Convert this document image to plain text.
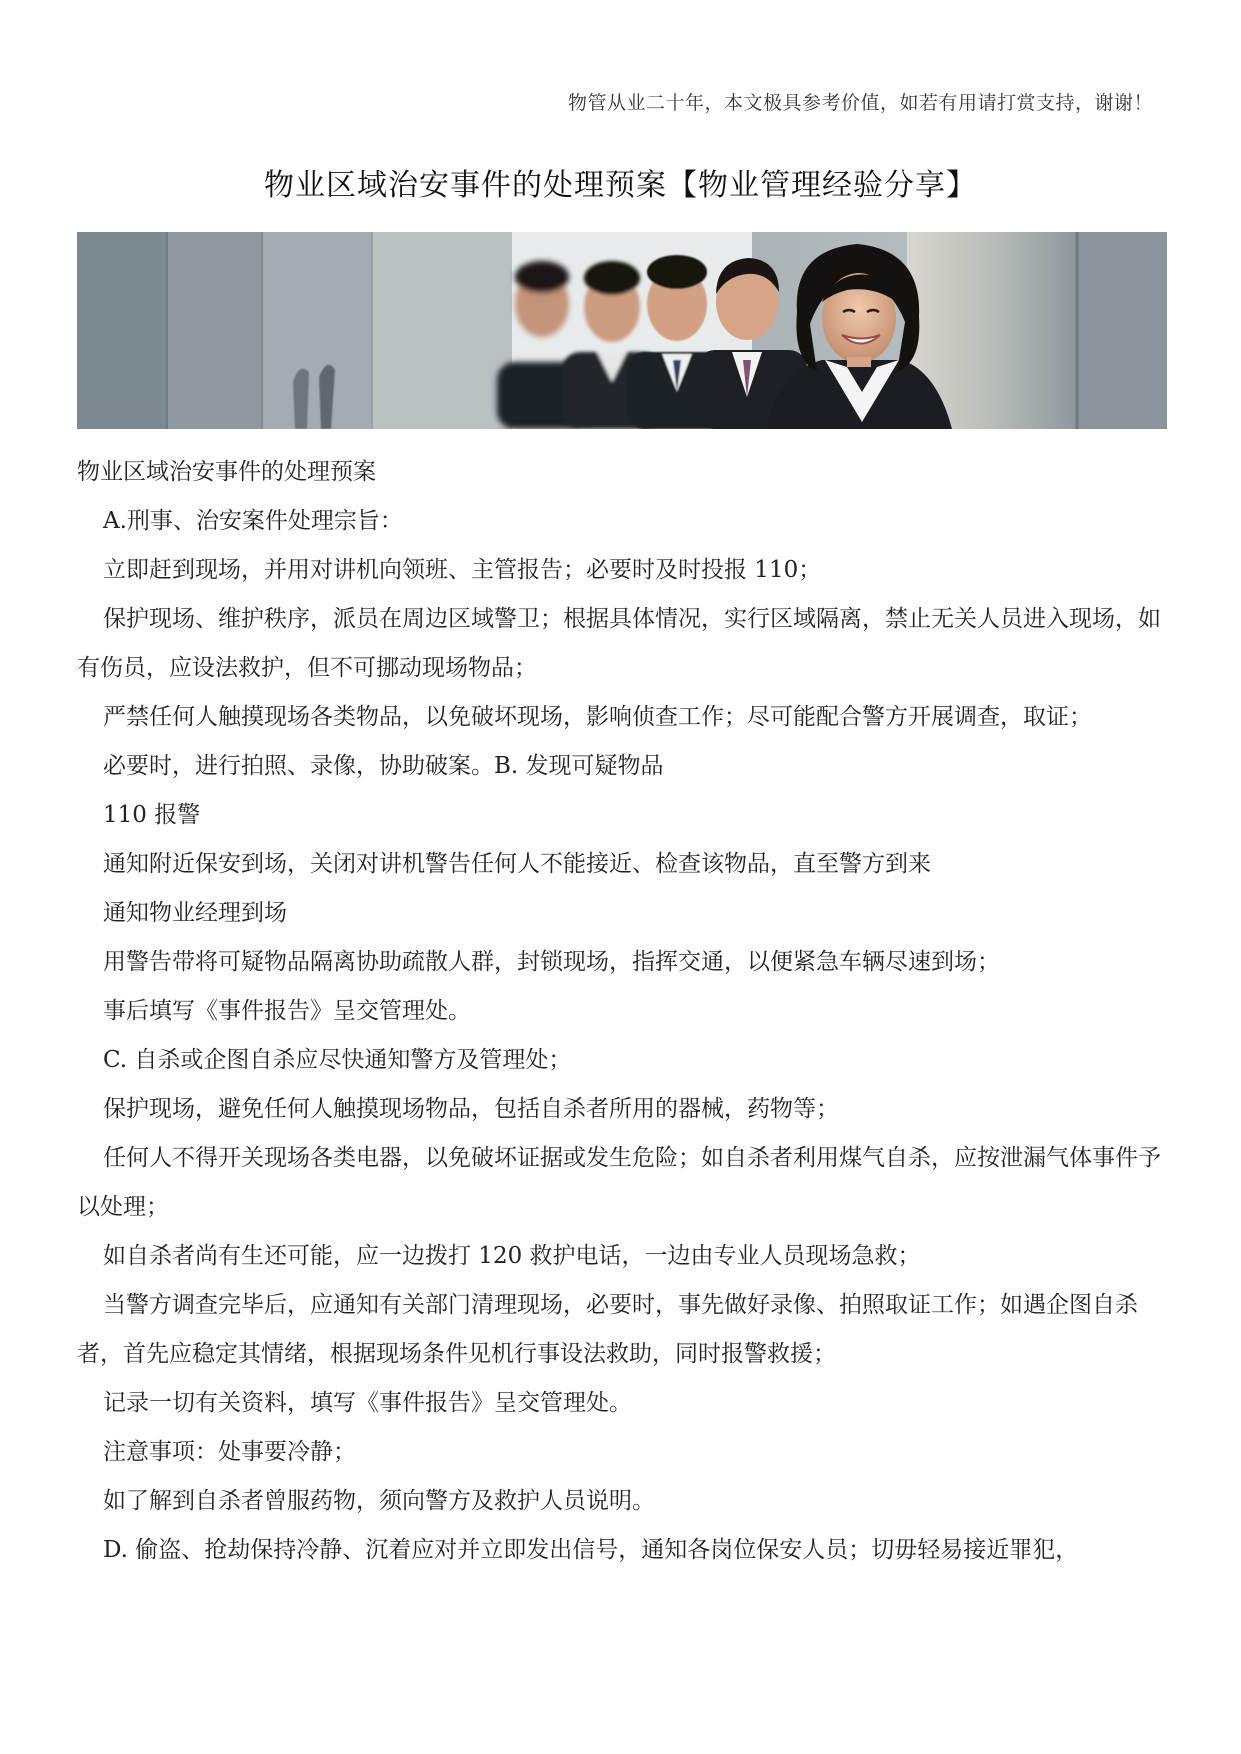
物管从业二十年，本文极具参考价值，如若有用请打赏支持，谢谢！
物业区域治安事件的处理预案【物业管理经验分享】

物业区域治安事件的处理预案

A.刑事、治安案件处理宗旨：

立即赶到现场，并用对讲机向领班、主管报告；必要时及时投报 110；

保护现场、维护秩序，派员在周边区域警卫；根据具体情况，实行区域隔离，禁止无关人员进入现场，如有伤员，应设法救护，但不可挪动现场物品；

严禁任何人触摸现场各类物品，以免破坏现场，影响侦查工作；尽可能配合警方开展调查，取证；

必要时，进行拍照、录像，协助破案。B. 发现可疑物品

110 报警

通知附近保安到场，关闭对讲机警告任何人不能接近、检查该物品，直至警方到来

通知物业经理到场

用警告带将可疑物品隔离协助疏散人群，封锁现场，指挥交通，以便紧急车辆尽速到场；

事后填写《事件报告》呈交管理处。

C. 自杀或企图自杀应尽快通知警方及管理处；

保护现场，避免任何人触摸现场物品，包括自杀者所用的器械，药物等；

任何人不得开关现场各类电器，以免破坏证据或发生危险；如自杀者利用煤气自杀，应按泄漏气体事件予以处理；

如自杀者尚有生还可能，应一边拨打 120 救护电话，一边由专业人员现场急救；

当警方调查完毕后，应通知有关部门清理现场，必要时，事先做好录像、拍照取证工作；如遇企图自杀者，首先应稳定其情绪，根据现场条件见机行事设法救助，同时报警救援；

记录一切有关资料，填写《事件报告》呈交管理处。

注意事项：处事要冷静；

如了解到自杀者曾服药物，须向警方及救护人员说明。

D. 偷盗、抢劫保持冷静、沉着应对并立即发出信号，通知各岗位保安人员；切毋轻易接近罪犯，
